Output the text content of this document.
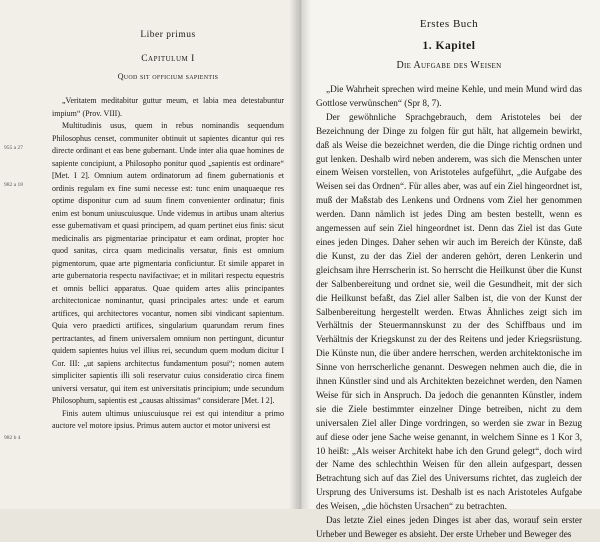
955 a 27
982 a 18
982 b 4
Liber primus
Capitulum I
Quod sit officium sapientis

„Veritatem meditabitur guttur meum, et labia mea detestabuntur impium“ (Prov. VIII).

Multitudinis usus, quem in rebus nominandis sequendum Philosophus censet, communiter obtinuit ut sapientes dicantur qui res directe ordinant et eas bene gubernant. Unde inter alia quae homines de sapiente concipiunt, a Philosopho ponitur quod „sapientis est ordinare“ [Met. I 2]. Omnium autem ordinatorum ad finem gubernationis et ordinis regulam ex fine sumi necesse est: tunc enim unaquaeque res optime disponitur cum ad suum finem convenienter ordinatur; finis enim est bonum uniuscuiusque. Unde videmus in artibus unam alterius esse gubernativam et quasi principem, ad quam pertinet eius finis: sicut medicinalis ars pigmentariae principatur et eam ordinat, propter hoc quod sanitas, circa quam medicinalis versatur, finis est omnium pigmentorum, quae arte pigmentaria conficiuntur. Et simile apparet in arte gubernatoria respectu navifactivae; et in militari respectu equestris et omnis bellici apparatus. Quae quidem artes aliis principantes architectonicae nominantur, quasi principales artes: unde et earum artifices, qui architectores vocantur, nomen sibi vindicant sapientum. Quia vero praedicti artifices, singularium quarundam rerum fines pertractantes, ad finem universalem omnium non pertingunt, dicuntur quidem sapientes huius vel illius rei, secundum quem modum dicitur I Cor. III: „ut sapiens architectus fundamentum posui“; nomen autem simpliciter sapientis illi soli reservatur cuius consideratio circa finem universi versatur, qui item est universitatis principium; unde secundum Philosophum, sapientis est „causas altissimas“ considerare [Met. I 2].

Finis autem ultimus uniuscuiusque rei est qui intenditur a primo auctore vel motore ipsius. Primus autem auctor et motor universi est

Erstes Buch
1. Kapitel
Die Aufgabe des Weisen

„Die Wahrheit sprechen wird meine Kehle, und mein Mund wird das Gottlose verwünschen“ (Spr 8, 7).

Der gewöhnliche Sprachgebrauch, dem Aristoteles bei der Bezeichnung der Dinge zu folgen für gut hält, hat allgemein bewirkt, daß als Weise die bezeichnet werden, die die Dinge richtig ordnen und gut lenken. Deshalb wird neben anderem, was sich die Menschen unter einem Weisen vorstellen, von Aristoteles aufgeführt, „die Aufgabe des Weisen sei das Ordnen“. Für alles aber, was auf ein Ziel hingeordnet ist, muß der Maßstab des Lenkens und Ordnens vom Ziel her genommen werden. Dann nämlich ist jedes Ding am besten bestellt, wenn es angemessen auf sein Ziel hingeordnet ist. Denn das Ziel ist das Gute eines jeden Dinges. Daher sehen wir auch im Bereich der Künste, daß die Kunst, zu der das Ziel der anderen gehört, deren Lenkerin und gleichsam ihre Herrscherin ist. So herrscht die Heilkunst über die Kunst der Salbenbereitung und ordnet sie, weil die Gesundheit, mit der sich die Heilkunst befaßt, das Ziel aller Salben ist, die von der Kunst der Salbenbereitung hergestellt werden. Etwas Ähnliches zeigt sich im Verhältnis der Steuermannskunst zu der des Schiffbaus und im Verhältnis der Kriegskunst zu der des Reitens und jeder Kriegsrüstung. Die Künste nun, die über andere herrschen, werden architektonische im Sinne von herrscherliche genannt. Deswegen nehmen auch die, die in ihnen Künstler sind und als Architekten bezeichnet werden, den Namen Weise für sich in Anspruch. Da jedoch die genannten Künstler, indem sie die Ziele bestimmter einzelner Dinge betreiben, nicht zu dem universalen Ziel aller Dinge vordringen, so werden sie zwar in Bezug auf diese oder jene Sache weise genannt, in welchem Sinne es 1 Kor 3, 10 heißt: „Als weiser Architekt habe ich den Grund gelegt“, doch wird der Name des schlechthin Weisen für den allein aufgespart, dessen Betrachtung sich auf das Ziel des Universums richtet, das zugleich der Ursprung des Universums ist. Deshalb ist es nach Aristoteles Aufgabe des Weisen, „die höchsten Ursachen“ zu betrachten.

Das letzte Ziel eines jeden Dinges ist aber das, worauf sein erster Urheber und Beweger es absieht. Der erste Urheber und Beweger des
